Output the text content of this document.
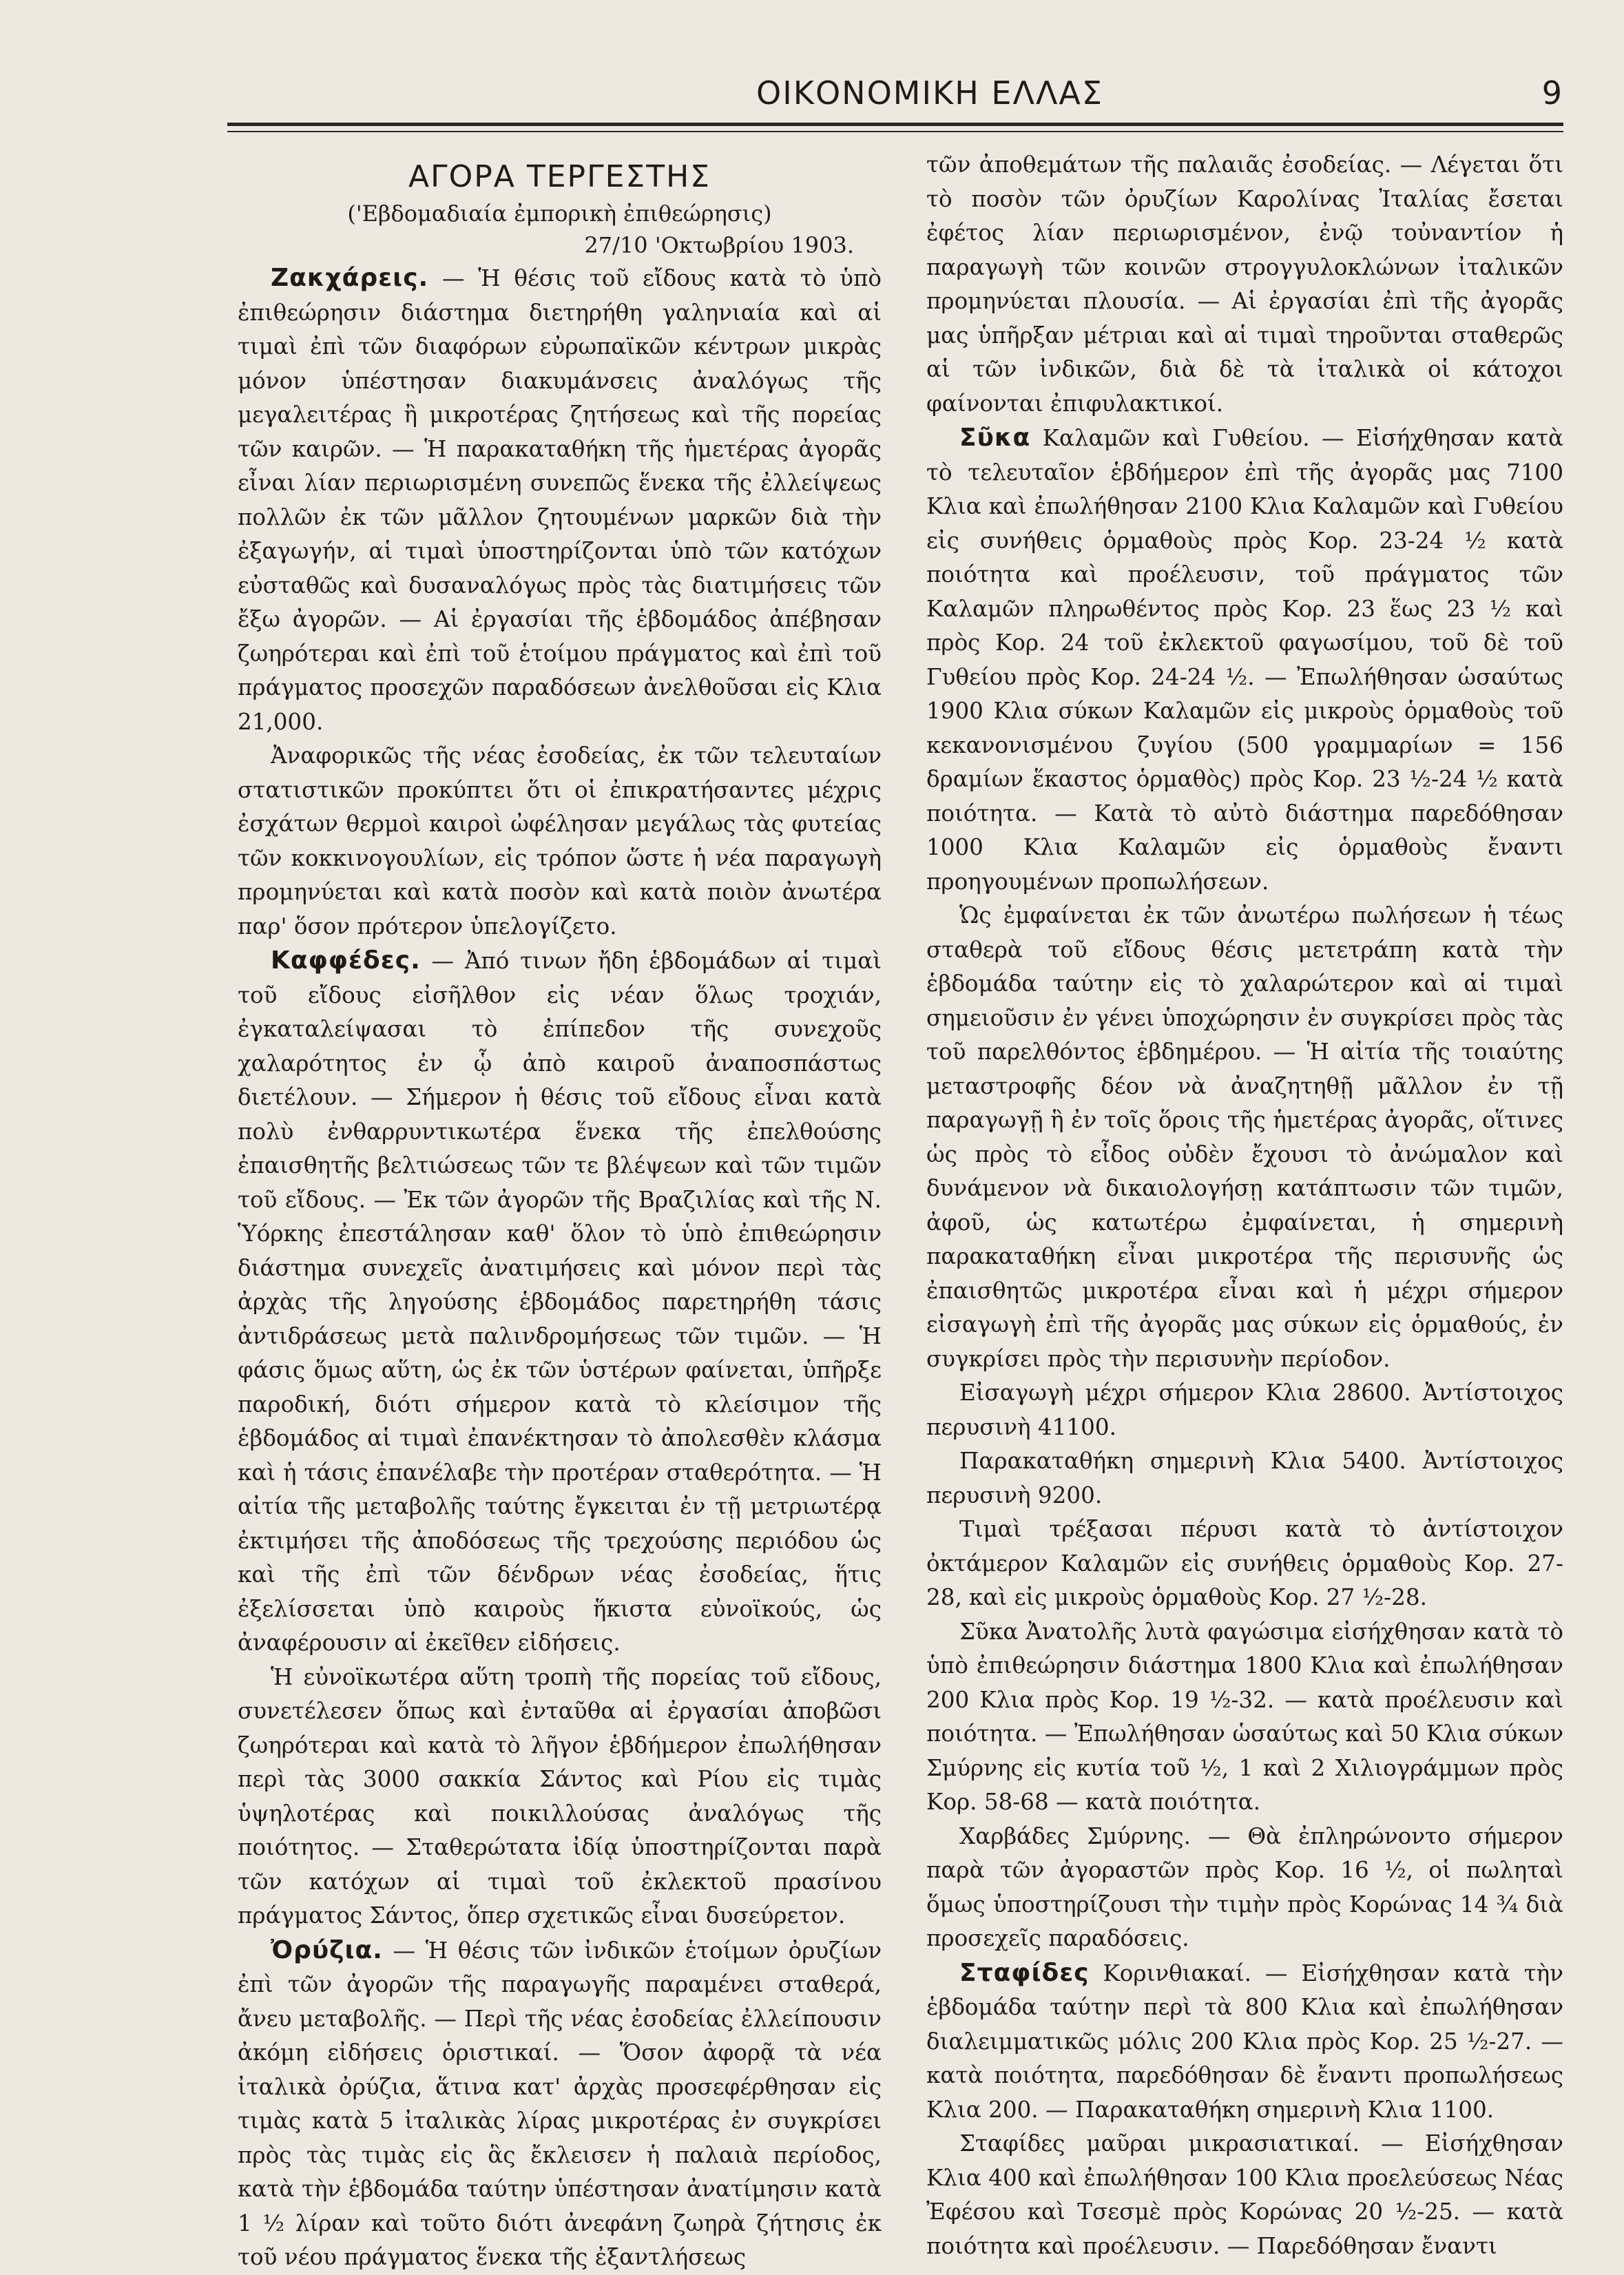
ΟΙΚΟΝΟΜΙΚΗ ΕΛΛΑΣ	9
ΑΓΟΡΑ ΤΕΡΓΕΣΤΗΣ
('Εβδομαδιαία ἐμπορικὴ ἐπιθεώρησις)
27/10 'Οκτωβρίου 1903.

Ζακχάρεις. — Ἡ θέσις τοῦ εἴδους κατὰ τὸ ὑπὸ ἐπιθεώρησιν διάστημα διετηρήθη γαληνιαία καὶ αἱ τιμαὶ ἐπὶ τῶν διαφόρων εὐρωπαϊκῶν κέντρων μικρὰς μόνον ὑπέστησαν διακυμάνσεις ἀναλόγως τῆς μεγαλειτέρας ἢ μικροτέρας ζητήσεως καὶ τῆς πορείας τῶν καιρῶν. — Ἡ παρακαταθήκη τῆς ἡμετέρας ἀγορᾶς εἶναι λίαν περιωρισμένη συνεπῶς ἕνεκα τῆς ἐλλείψεως πολλῶν ἐκ τῶν μᾶλλον ζητουμένων μαρκῶν διὰ τὴν ἐξαγωγήν, αἱ τιμαὶ ὑποστηρίζονται ὑπὸ τῶν κατόχων εὐσταθῶς καὶ δυσαναλόγως πρὸς τὰς διατιμήσεις τῶν ἔξω ἀγορῶν. — Αἱ ἐργασίαι τῆς ἑβδομάδος ἀπέβησαν ζωηρότεραι καὶ ἐπὶ τοῦ ἑτοίμου πράγματος καὶ ἐπὶ τοῦ πράγματος προσεχῶν παραδόσεων ἀνελθοῦσαι εἰς Κλια 21,000.

Ἀναφορικῶς τῆς νέας ἐσοδείας, ἐκ τῶν τελευταίων στατιστικῶν προκύπτει ὅτι οἱ ἐπικρατήσαντες μέχρις ἐσχάτων θερμοὶ καιροὶ ὠφέλησαν μεγάλως τὰς φυτείας τῶν κοκκινογουλίων, εἰς τρόπον ὥστε ἡ νέα παραγωγὴ προμηνύεται καὶ κατὰ ποσὸν καὶ κατὰ ποιὸν ἀνωτέρα παρ' ὅσον πρότερον ὑπελογίζετο.

Καφφέδες. — Ἀπό τινων ἤδη ἑβδομάδων αἱ τιμαὶ τοῦ εἴδους εἰσῆλθον εἰς νέαν ὅλως τροχιάν, ἐγκαταλείψασαι τὸ ἐπίπεδον τῆς συνεχοῦς χαλαρότητος ἐν ᾧ ἀπὸ καιροῦ ἀναποσπάστως διετέλουν. — Σήμερον ἡ θέσις τοῦ εἴδους εἶναι κατὰ πολὺ ἐνθαρρυντικωτέρα ἕνεκα τῆς ἐπελθούσης ἐπαισθητῆς βελτιώσεως τῶν τε βλέψεων καὶ τῶν τιμῶν τοῦ εἴδους. — Ἐκ τῶν ἀγορῶν τῆς Βραζιλίας καὶ τῆς Ν. Ὑόρκης ἐπεστάλησαν καθ' ὅλον τὸ ὑπὸ ἐπιθεώρησιν διάστημα συνεχεῖς ἀνατιμήσεις καὶ μόνον περὶ τὰς ἀρχὰς τῆς ληγούσης ἑβδομάδος παρετηρήθη τάσις ἀντιδράσεως μετὰ παλινδρομήσεως τῶν τιμῶν. — Ἡ φάσις ὅμως αὕτη, ὡς ἐκ τῶν ὑστέρων φαίνεται, ὑπῆρξε παροδική, διότι σήμερον κατὰ τὸ κλείσιμον τῆς ἑβδομάδος αἱ τιμαὶ ἐπανέκτησαν τὸ ἀπολεσθὲν κλάσμα καὶ ἡ τάσις ἐπανέλαβε τὴν προτέραν σταθερότητα. — Ἡ αἰτία τῆς μεταβολῆς ταύτης ἔγκειται ἐν τῇ μετριωτέρᾳ ἐκτιμήσει τῆς ἀποδόσεως τῆς τρεχούσης περιόδου ὡς καὶ τῆς ἐπὶ τῶν δένδρων νέας ἐσοδείας, ἥτις ἐξελίσσεται ὑπὸ καιροὺς ἥκιστα εὐνοϊκούς, ὡς ἀναφέρουσιν αἱ ἐκεῖθεν εἰδήσεις.

Ἡ εὐνοϊκωτέρα αὕτη τροπὴ τῆς πορείας τοῦ εἴδους, συνετέλεσεν ὅπως καὶ ἐνταῦθα αἱ ἐργασίαι ἀποβῶσι ζωηρότεραι καὶ κατὰ τὸ λῆγον ἑβδήμερον ἐπωλήθησαν περὶ τὰς 3000 σακκία Σάντος καὶ Ρίου εἰς τιμὰς ὑψηλοτέρας καὶ ποικιλλούσας ἀναλόγως τῆς ποιότητος. — Σταθερώτατα ἰδίᾳ ὑποστηρίζονται παρὰ τῶν κατόχων αἱ τιμαὶ τοῦ ἐκλεκτοῦ πρασίνου πράγματος Σάντος, ὅπερ σχετικῶς εἶναι δυσεύρετον.

Ὀρύζια. — Ἡ θέσις τῶν ἰνδικῶν ἑτοίμων ὀρυζίων ἐπὶ τῶν ἀγορῶν τῆς παραγωγῆς παραμένει σταθερά, ἄνευ μεταβολῆς. — Περὶ τῆς νέας ἐσοδείας ἐλλείπουσιν ἀκόμη εἰδήσεις ὁριστικαί. — Ὅσον ἀφορᾷ τὰ νέα ἰταλικὰ ὀρύζια, ἅτινα κατ' ἀρχὰς προσεφέρθησαν εἰς τιμὰς κατὰ 5 ἰταλικὰς λίρας μικροτέρας ἐν συγκρίσει πρὸς τὰς τιμὰς εἰς ἃς ἔκλεισεν ἡ παλαιὰ περίοδος, κατὰ τὴν ἑβδομάδα ταύτην ὑπέστησαν ἀνατίμησιν κατὰ 1 ½ λίραν καὶ τοῦτο διότι ἀνεφάνη ζωηρὰ ζήτησις ἐκ τοῦ νέου πράγματος ἕνεκα τῆς ἐξαντλήσεως

τῶν ἀποθεμάτων τῆς παλαιᾶς ἐσοδείας. — Λέγεται ὅτι τὸ ποσὸν τῶν ὀρυζίων Καρολίνας Ἰταλίας ἔσεται ἐφέτος λίαν περιωρισμένον, ἐνῷ τοὐναντίον ἡ παραγωγὴ τῶν κοινῶν στρογγυλοκλώνων ἰταλικῶν προμηνύεται πλουσία. — Αἱ ἐργασίαι ἐπὶ τῆς ἀγορᾶς μας ὑπῆρξαν μέτριαι καὶ αἱ τιμαὶ τηροῦνται σταθερῶς αἱ τῶν ἰνδικῶν, διὰ δὲ τὰ ἰταλικὰ οἱ κάτοχοι φαίνονται ἐπιφυλακτικοί.

Σῦκα Καλαμῶν καὶ Γυθείου. — Εἰσήχθησαν κατὰ τὸ τελευταῖον ἑβδήμερον ἐπὶ τῆς ἀγορᾶς μας 7100 Κλια καὶ ἐπωλήθησαν 2100 Κλια Καλαμῶν καὶ Γυθείου εἰς συνήθεις ὁρμαθοὺς πρὸς Κορ. 23-24 ½ κατὰ ποιότητα καὶ προέλευσιν, τοῦ πράγματος τῶν Καλαμῶν πληρωθέντος πρὸς Κορ. 23 ἕως 23 ½ καὶ πρὸς Κορ. 24 τοῦ ἐκλεκτοῦ φαγωσίμου, τοῦ δὲ τοῦ Γυθείου πρὸς Κορ. 24-24 ½. — Ἐπωλήθησαν ὡσαύτως 1900 Κλια σύκων Καλαμῶν εἰς μικροὺς ὁρμαθοὺς τοῦ κεκανονισμένου ζυγίου (500 γραμμαρίων = 156 δραμίων ἕκαστος ὁρμαθὸς) πρὸς Κορ. 23 ½-24 ½ κατὰ ποιότητα. — Κατὰ τὸ αὐτὸ διάστημα παρεδόθησαν 1000 Κλια Καλαμῶν εἰς ὁρμαθοὺς ἔναντι προηγουμένων προπωλήσεων.

Ὡς ἐμφαίνεται ἐκ τῶν ἀνωτέρω πωλήσεων ἡ τέως σταθερὰ τοῦ εἴδους θέσις μετετράπη κατὰ τὴν ἑβδομάδα ταύτην εἰς τὸ χαλαρώτερον καὶ αἱ τιμαὶ σημειοῦσιν ἐν γένει ὑποχώρησιν ἐν συγκρίσει πρὸς τὰς τοῦ παρελθόντος ἑβδημέρου. — Ἡ αἰτία τῆς τοιαύτης μεταστροφῆς δέον νὰ ἀναζητηθῇ μᾶλλον ἐν τῇ παραγωγῇ ἣ ἐν τοῖς ὅροις τῆς ἡμετέρας ἀγορᾶς, οἵτινες ὡς πρὸς τὸ εἶδος οὐδὲν ἔχουσι τὸ ἀνώμαλον καὶ δυνάμενον νὰ δικαιολογήσῃ κατάπτωσιν τῶν τιμῶν, ἀφοῦ, ὡς κατωτέρω ἐμφαίνεται, ἡ σημερινὴ παρακαταθήκη εἶναι μικροτέρα τῆς περισυνῆς ὡς ἐπαισθητῶς μικροτέρα εἶναι καὶ ἡ μέχρι σήμερον εἰσαγωγὴ ἐπὶ τῆς ἀγορᾶς μας σύκων εἰς ὁρμαθούς, ἐν συγκρίσει πρὸς τὴν περισυνὴν περίοδον.

Εἰσαγωγὴ μέχρι σήμερον Κλια 28600. Ἀντίστοιχος περυσινὴ 41100.

Παρακαταθήκη σημερινὴ Κλια 5400. Ἀντίστοιχος περυσινὴ 9200.

Τιμαὶ τρέξασαι πέρυσι κατὰ τὸ ἀντίστοιχον ὀκτάμερον Καλαμῶν εἰς συνήθεις ὁρμαθοὺς Κορ. 27-28, καὶ εἰς μικροὺς ὁρμαθοὺς Κορ. 27 ½-28.

Σῦκα Ἀνατολῆς λυτὰ φαγώσιμα εἰσήχθησαν κατὰ τὸ ὑπὸ ἐπιθεώρησιν διάστημα 1800 Κλια καὶ ἐπωλήθησαν 200 Κλια πρὸς Κορ. 19 ½-32. — κατὰ προέλευσιν καὶ ποιότητα. — Ἐπωλήθησαν ὡσαύτως καὶ 50 Κλια σύκων Σμύρνης εἰς κυτία τοῦ ½, 1 καὶ 2 Χιλιογράμμων πρὸς Κορ. 58-68 — κατὰ ποιότητα.

Χαρβάδες Σμύρνης. — Θὰ ἐπληρώνοντο σήμερον παρὰ τῶν ἀγοραστῶν πρὸς Κορ. 16 ½, οἱ πωληταὶ ὅμως ὑποστηρίζουσι τὴν τιμὴν πρὸς Κορώνας 14 ¾ διὰ προσεχεῖς παραδόσεις.

Σταφίδες Κορινθιακαί. — Εἰσήχθησαν κατὰ τὴν ἑβδομάδα ταύτην περὶ τὰ 800 Κλια καὶ ἐπωλήθησαν διαλειμματικῶς μόλις 200 Κλια πρὸς Κορ. 25 ½-27. — κατὰ ποιότητα, παρεδόθησαν δὲ ἔναντι προπωλήσεως Κλια 200. — Παρακαταθήκη σημερινὴ Κλια 1100.

Σταφίδες μαῦραι μικρασιατικαί. — Εἰσήχθησαν Κλια 400 καὶ ἐπωλήθησαν 100 Κλια προελεύσεως Νέας Ἐφέσου καὶ Τσεσμὲ πρὸς Κορώνας 20 ½-25. — κατὰ ποιότητα καὶ προέλευσιν. — Παρεδόθησαν ἔναντι
